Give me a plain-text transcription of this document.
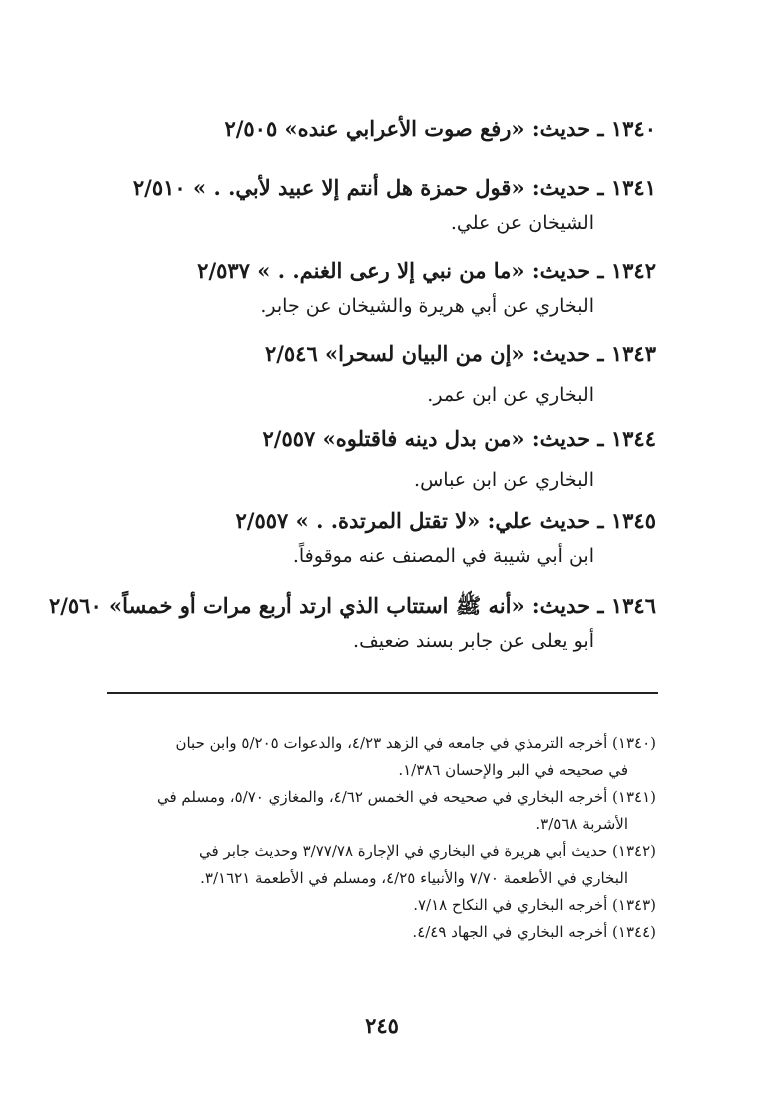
١٣٤٠ ـ حديث: «رفع صوت الأعرابي عنده» ٢/٥٠٥
١٣٤١ ـ حديث: «قول حمزة هل أنتم إلا عبيد لأبي. . » ٢/٥١٠
الشيخان عن علي.
١٣٤٢ ـ حديث: «ما من نبي إلا رعى الغنم. . » ٢/٥٣٧
البخاري عن أبي هريرة والشيخان عن جابر.
١٣٤٣ ـ حديث: «إن من البيان لسحرا» ٢/٥٤٦
البخاري عن ابن عمر.
١٣٤٤ ـ حديث: «من بدل دينه فاقتلوه» ٢/٥٥٧
البخاري عن ابن عباس.
١٣٤٥ ـ حديث علي: «لا تقتل المرتدة. . » ٢/٥٥٧
ابن أبي شيبة في المصنف عنه موقوفاً.
١٣٤٦ ـ حديث: «أنه ﷺ استتاب الذي ارتد أربع مرات أو خمساً» ٢/٥٦٠
أبو يعلى عن جابر بسند ضعيف.

(١٣٤٠) أخرجه الترمذي في جامعه في الزهد ٤/٢٣، والدعوات ٥/٢٠٥ وابن حبان

في صحيحه في البر والإحسان ١/٣٨٦.

(١٣٤١) أخرجه البخاري في صحيحه في الخمس ٤/٦٢، والمغازي ٥/٧٠، ومسلم في

الأشربة ٣/٥٦٨.

(١٣٤٢) حديث أبي هريرة في البخاري في الإجارة ٣/٧٧/٧٨ وحديث جابر في

البخاري في الأطعمة ٧/٧٠ والأنبياء ٤/٢٥، ومسلم في الأطعمة ٣/١٦٢١.

(١٣٤٣) أخرجه البخاري في النكاح ٧/١٨.

(١٣٤٤) أخرجه البخاري في الجهاد ٤/٤٩.

٢٤٥
